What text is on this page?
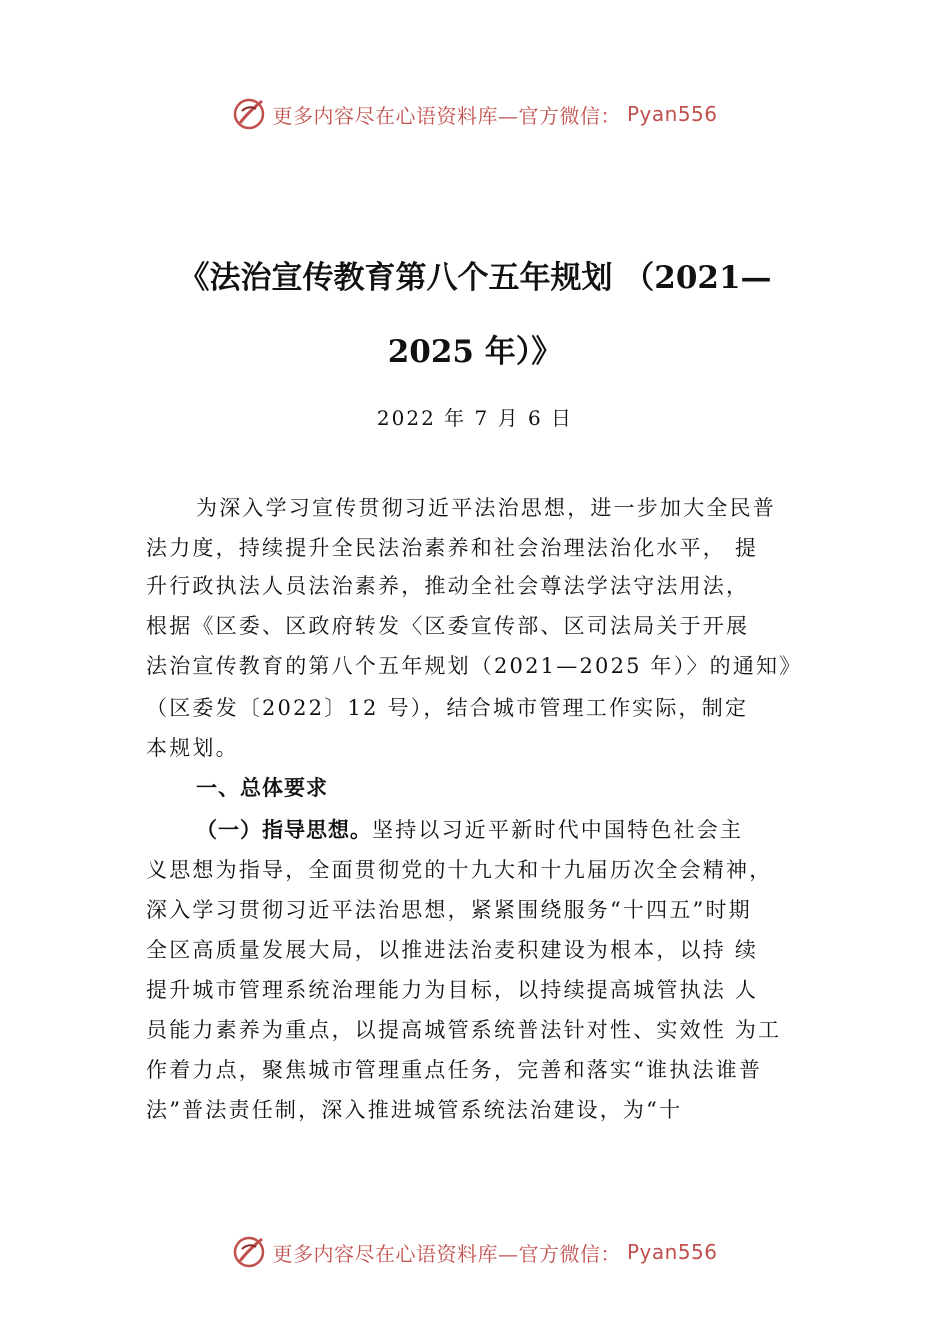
更多内容尽在心语资料库—官方微信： Pyan556
《法治宣传教育第八个五年规划 （2021—
2025 年）》
2022 年 7 月 6 日
为深入学习宣传贯彻习近平法治思想，进一步加大全民普
法力度，持续提升全民法治素养和社会治理法治化水平， 提
升行政执法人员法治素养，推动全社会尊法学法守法用法，
根据《区委、区政府转发〈区委宣传部、区司法局关于开展
法治宣传教育的第八个五年规划（2021—2025 年）〉的通知》
（区委发〔2022〕12 号），结合城市管理工作实际，制定
本规划。
一、总体要求
（一）指导思想。坚持以习近平新时代中国特色社会主
义思想为指导，全面贯彻党的十九大和十九届历次全会精神，
深入学习贯彻习近平法治思想，紧紧围绕服务“十四五”时期
全区高质量发展大局，以推进法治麦积建设为根本，以持 续
提升城市管理系统治理能力为目标，以持续提高城管执法 人
员能力素养为重点，以提高城管系统普法针对性、实效性 为工
作着力点，聚焦城市管理重点任务，完善和落实“谁执法谁普
法”普法责任制，深入推进城管系统法治建设，为“十
更多内容尽在心语资料库—官方微信： Pyan556
